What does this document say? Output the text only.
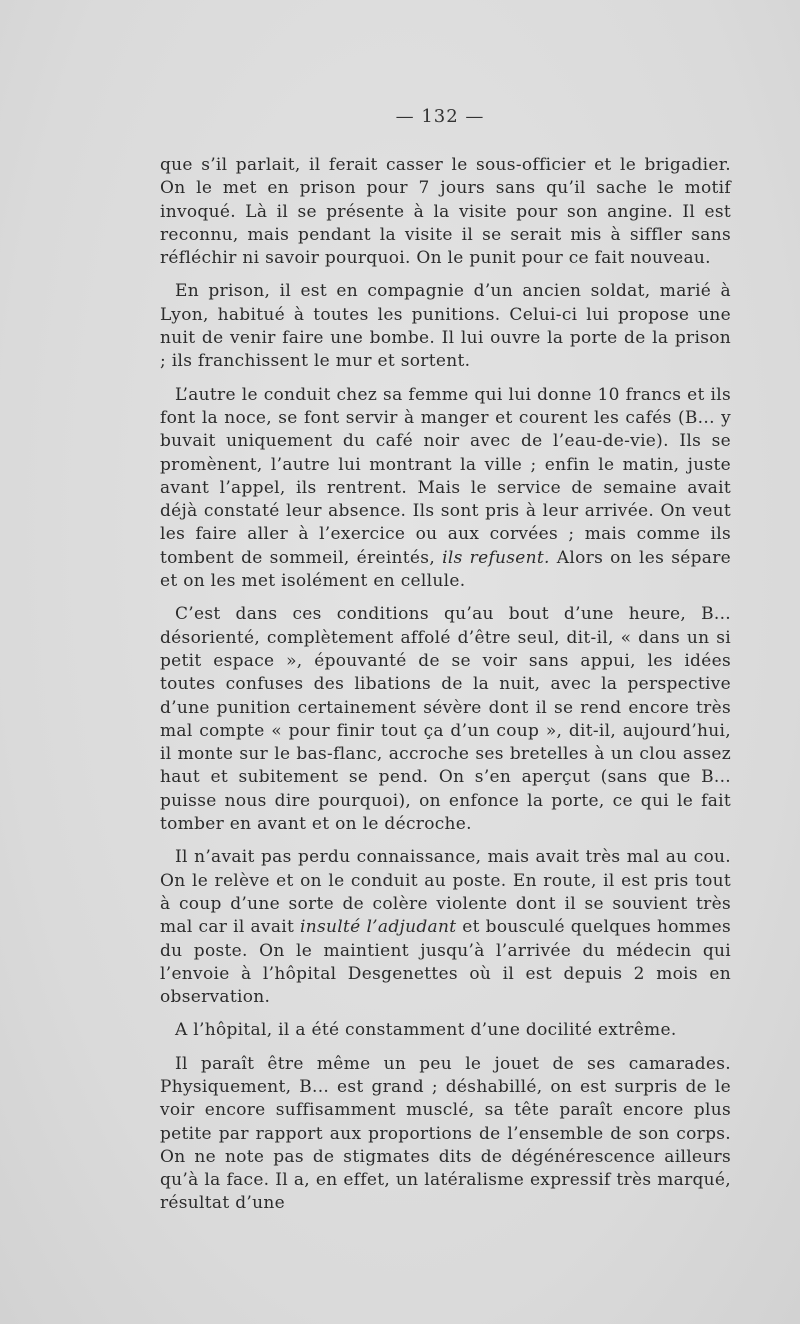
— 132 —

que s’il parlait, il ferait casser le sous-officier et le brigadier. On le met en prison pour 7 jours sans qu’il sache le motif invoqué. Là il se présente à la visite pour son angine. Il est reconnu, mais pendant la visite il se serait mis à siffler sans réfléchir ni savoir pourquoi. On le punit pour ce fait nouveau.

En prison, il est en compagnie d’un ancien soldat, marié à Lyon, habitué à toutes les punitions. Celui-ci lui propose une nuit de venir faire une bombe. Il lui ouvre la porte de la prison ; ils franchissent le mur et sortent.

L’autre le conduit chez sa femme qui lui donne 10 francs et ils font la noce, se font servir à manger et courent les cafés (B... y buvait uniquement du café noir avec de l’eau-de-vie). Ils se promènent, l’autre lui montrant la ville ; enfin le matin, juste avant l’appel, ils rentrent. Mais le service de semaine avait déjà constaté leur absence. Ils sont pris à leur arrivée. On veut les faire aller à l’exercice ou aux corvées ; mais comme ils tombent de sommeil, éreintés, ils refusent. Alors on les sépare et on les met isolément en cellule.

C’est dans ces conditions qu’au bout d’une heure, B... désorienté, complètement affolé d’être seul, dit-il, « dans un si petit espace », épouvanté de se voir sans appui, les idées toutes confuses des libations de la nuit, avec la perspective d’une punition certainement sévère dont il se rend encore très mal compte « pour finir tout ça d’un coup », dit-il, aujourd’hui, il monte sur le bas-flanc, accroche ses bretelles à un clou assez haut et subitement se pend. On s’en aperçut (sans que B... puisse nous dire pourquoi), on enfonce la porte, ce qui le fait tomber en avant et on le décroche.

Il n’avait pas perdu connaissance, mais avait très mal au cou. On le relève et on le conduit au poste. En route, il est pris tout à coup d’une sorte de colère violente dont il se souvient très mal car il avait insulté l’adjudant et bousculé quelques hommes du poste. On le maintient jusqu’à l’arrivée du médecin qui l’envoie à l’hôpital Desgenettes où il est depuis 2 mois en observation.

A l’hôpital, il a été constamment d’une docilité extrême.

Il paraît être même un peu le jouet de ses camarades. Physiquement, B... est grand ; déshabillé, on est surpris de le voir encore suffisamment musclé, sa tête paraît encore plus petite par rapport aux proportions de l’ensemble de son corps. On ne note pas de stigmates dits de dégénérescence ailleurs qu’à la face. Il a, en effet, un latéralisme expressif très marqué, résultat d’une
